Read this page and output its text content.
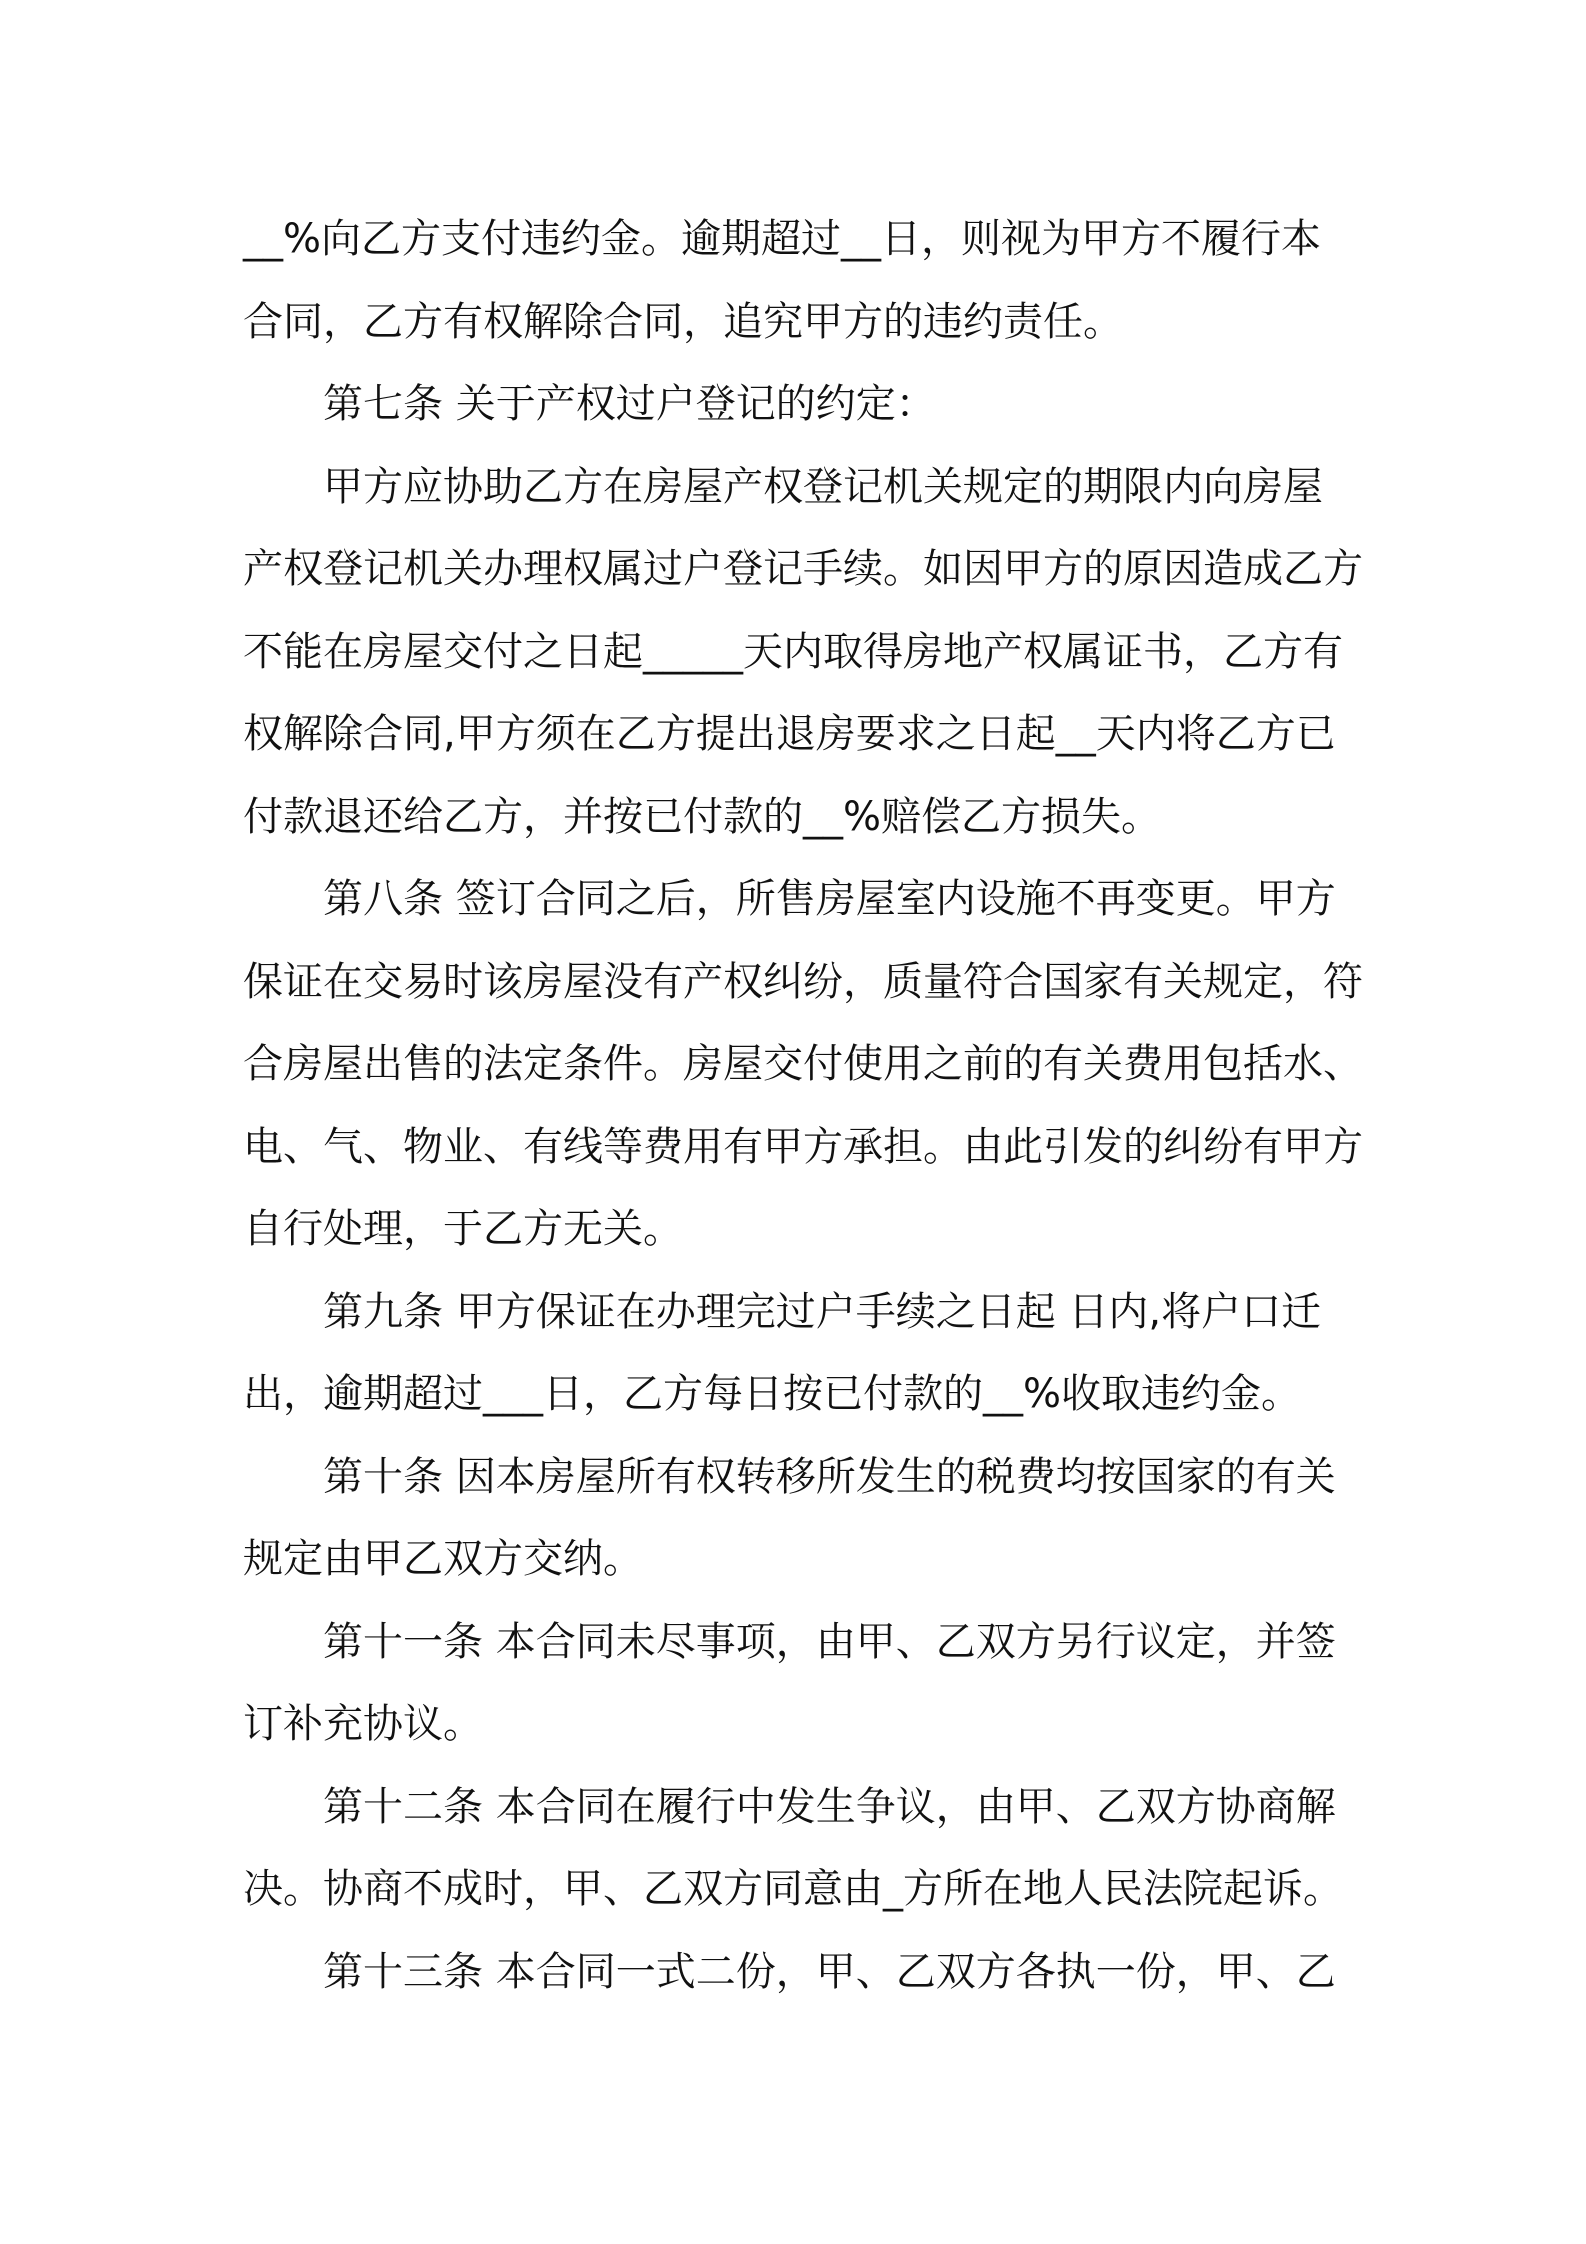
__%向乙方支付违约金。逾期超过__日，则视为甲方不履行本
合同，乙方有权解除合同，追究甲方的违约责任。
第七条 关于产权过户登记的约定：
甲方应协助乙方在房屋产权登记机关规定的期限内向房屋
产权登记机关办理权属过户登记手续。如因甲方的原因造成乙方
不能在房屋交付之日起_____天内取得房地产权属证书，乙方有
权解除合同,甲方须在乙方提出退房要求之日起__天内将乙方已
付款退还给乙方，并按已付款的__%赔偿乙方损失。
第八条 签订合同之后，所售房屋室内设施不再变更。甲方
保证在交易时该房屋没有产权纠纷，质量符合国家有关规定，符
合房屋出售的法定条件。房屋交付使用之前的有关费用包括水、
电、气、物业、有线等费用有甲方承担。由此引发的纠纷有甲方
自行处理，于乙方无关。
第九条 甲方保证在办理完过户手续之日起 日内,将户口迁
出，逾期超过___日，乙方每日按已付款的__%收取违约金。
第十条 因本房屋所有权转移所发生的税费均按国家的有关
规定由甲乙双方交纳。
第十一条 本合同未尽事项，由甲、乙双方另行议定，并签
订补充协议。
第十二条 本合同在履行中发生争议，由甲、乙双方协商解
决。协商不成时，甲、乙双方同意由_方所在地人民法院起诉。
第十三条 本合同一式二份，甲、乙双方各执一份，甲、乙
